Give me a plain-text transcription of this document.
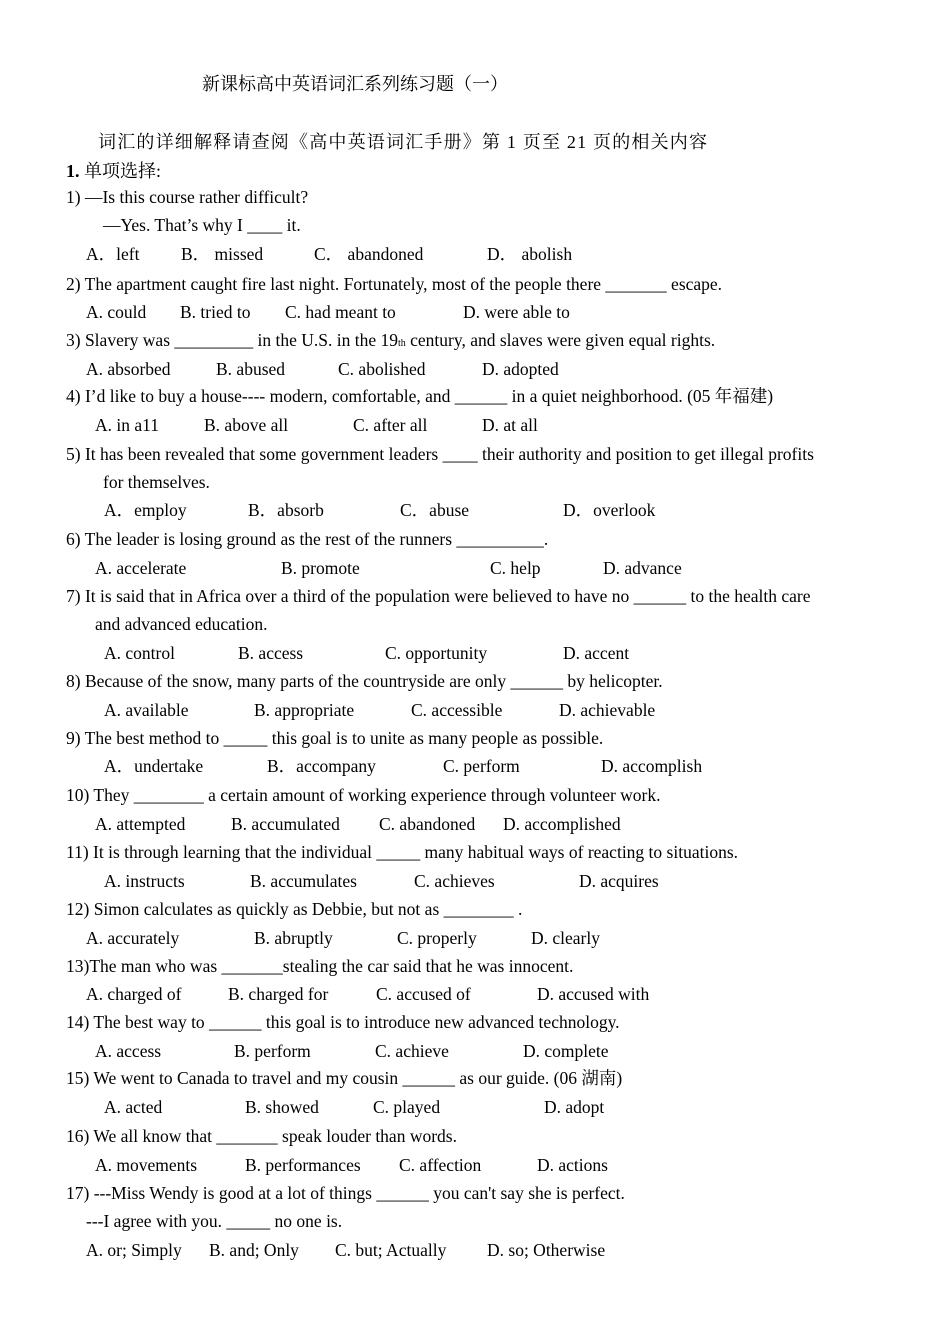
新课标高中英语词汇系列练习题（一）
词汇的详细解释请查阅《高中英语词汇手册》第 1 页至 21 页的相关内容
1. 单项选择:
1) —Is this course rather difficult?
—Yes. That’s why I ____ it.
A．left B． missed	C． abandoned	D． abolish
2) The apartment caught fire last night. Fortunately, most of the people there _______ escape.
A. could B. tried to C. had meant to	D. were able to
3) Slavery was _________ in the U.S. in the 19th century, and slaves were given equal rights.
A. absorbed	B. abused	C. abolished	D. adopted
4) I’d like to buy a house---- modern, comfortable, and ______ in a quiet neighborhood. (05 年福建)
A. in a11	B. above all	C. after all	D. at all
5) It has been revealed that some government leaders ____ their authority and position to get illegal profits
for themselves.
A．employ	B．absorb	C．abuse	D．overlook
6) The leader is losing ground as the rest of the runners __________.
A. accelerate	B. promote	C. help	D. advance
7) It is said that in Africa over a third of the population were believed to have no ______ to the health care
and advanced education.
A. control	B. access	C. opportunity	D. accent
8) Because of the snow, many parts of the countryside are only ______ by helicopter.
A. available	B. appropriate	C. accessible	D. achievable
9) The best method to _____ this goal is to unite as many people as possible.
A．undertake	B．accompany	C. perform	D. accomplish
10) They ________ a certain amount of working experience through volunteer work.
A. attempted	B. accumulated C. abandoned D. accomplished
11) It is through learning that the individual _____ many habitual ways of reacting to situations.
A. instructs	B. accumulates	C. achieves	D. acquires
12) Simon calculates as quickly as Debbie, but not as ________ .
A. accurately	B. abruptly	C. properly	D. clearly
13)The man who was _______stealing the car said that he was innocent.
A. charged of	B. charged for	C. accused of	D. accused with
14) The best way to ______ this goal is to introduce new advanced technology.
A. access	B. perform	C. achieve	D. complete
15) We went to Canada to travel and my cousin ______ as our guide. (06 湖南)
A. acted	B. showed	C. played	D. adopt
16) We all know that _______ speak louder than words.
A. movements	B. performances C. affection	D. actions
17) ---Miss Wendy is good at a lot of things ______ you can't say she is perfect.
---I agree with you. _____ no one is.
A. or; Simply B. and; Only C. but; Actually D. so; Otherwise
